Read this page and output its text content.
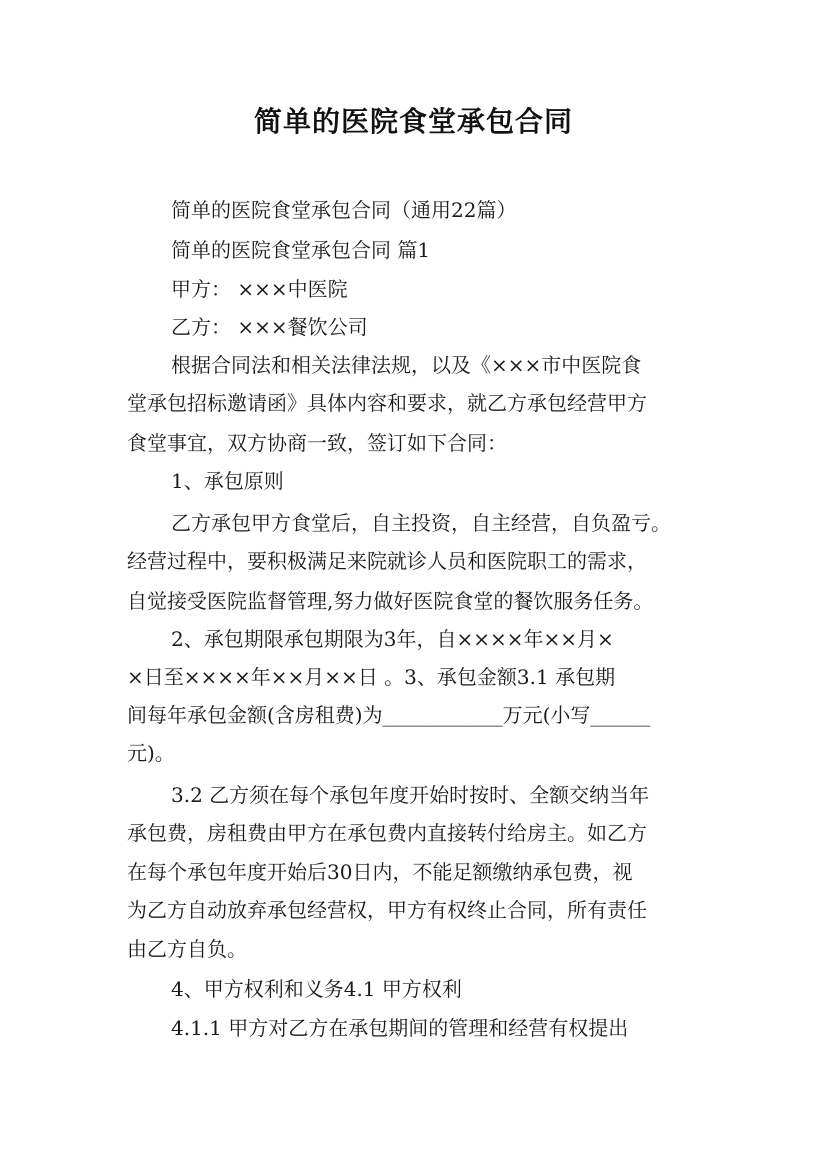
简单的医院食堂承包合同
简单的医院食堂承包合同（通用22篇）
简单的医院食堂承包合同 篇1
甲方： ×××中医院
乙方： ×××餐饮公司
根据合同法和相关法律法规，以及《×××市中医院食
堂承包招标邀请函》具体内容和要求，就乙方承包经营甲方
食堂事宜，双方协商一致，签订如下合同：
1、承包原则
乙方承包甲方食堂后，自主投资，自主经营，自负盈亏。
经营过程中，要积极满足来院就诊人员和医院职工的需求，
自觉接受医院监督管理,努力做好医院食堂的餐饮服务任务。
2、承包期限承包期限为3年，自××××年××月×
×日至××××年××月××日 。3、承包金额3.1 承包期
间每年承包金额(含房租费)为____________万元(小写______
元)。
3.2 乙方须在每个承包年度开始时按时、全额交纳当年
承包费，房租费由甲方在承包费内直接转付给房主。如乙方
在每个承包年度开始后30日内，不能足额缴纳承包费，视
为乙方自动放弃承包经营权，甲方有权终止合同，所有责任
由乙方自负。
4、甲方权利和义务4.1 甲方权利
4.1.1 甲方对乙方在承包期间的管理和经营有权提出
